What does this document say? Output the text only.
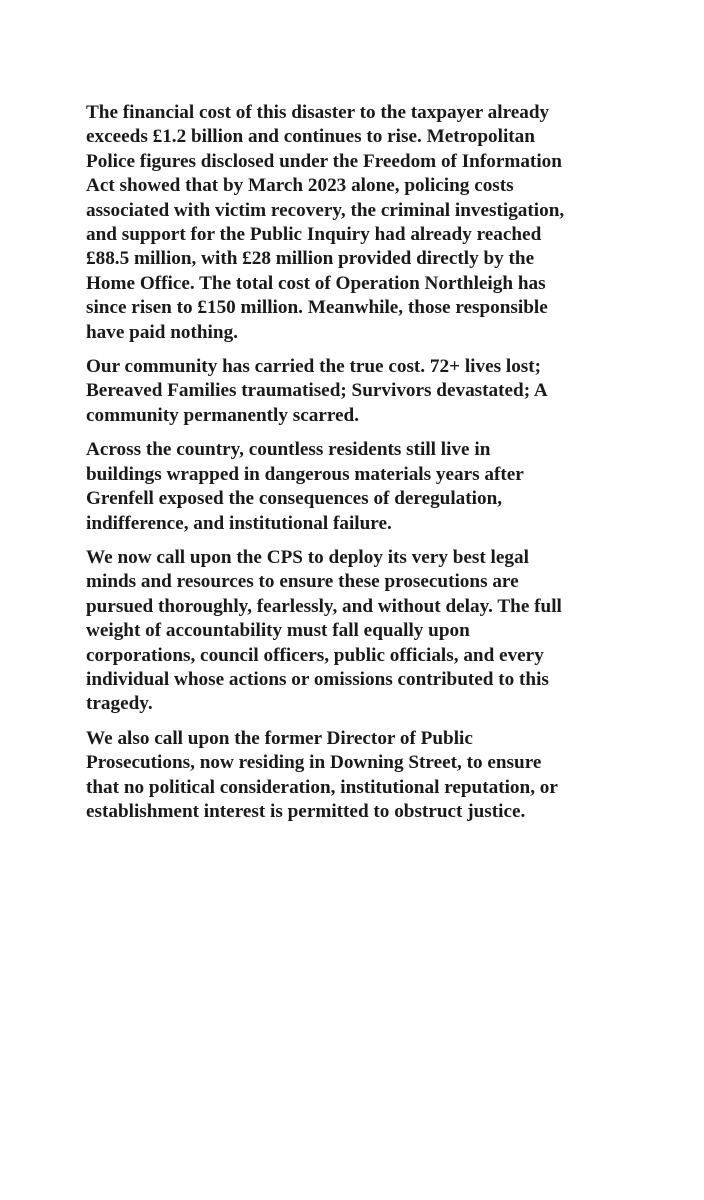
The financial cost of this disaster to the taxpayer already
exceeds £1.2 billion and continues to rise. Metropolitan
Police figures disclosed under the Freedom of Information
Act showed that by March 2023 alone, policing costs
associated with victim recovery, the criminal investigation,
and support for the Public Inquiry had already reached
£88.5 million, with £28 million provided directly by the
Home Office. The total cost of Operation Northleigh has
since risen to £150 million. Meanwhile, those responsible
have paid nothing.

Our community has carried the true cost. 72+ lives lost;
Bereaved Families traumatised; Survivors devastated; A
community permanently scarred.

Across the country, countless residents still live in
buildings wrapped in dangerous materials years after
Grenfell exposed the consequences of deregulation,
indifference, and institutional failure.

We now call upon the CPS to deploy its very best legal
minds and resources to ensure these prosecutions are
pursued thoroughly, fearlessly, and without delay. The full
weight of accountability must fall equally upon
corporations, council officers, public officials, and every
individual whose actions or omissions contributed to this
tragedy.

We also call upon the former Director of Public
Prosecutions, now residing in Downing Street, to ensure
that no political consideration, institutional reputation, or
establishment interest is permitted to obstruct justice.
